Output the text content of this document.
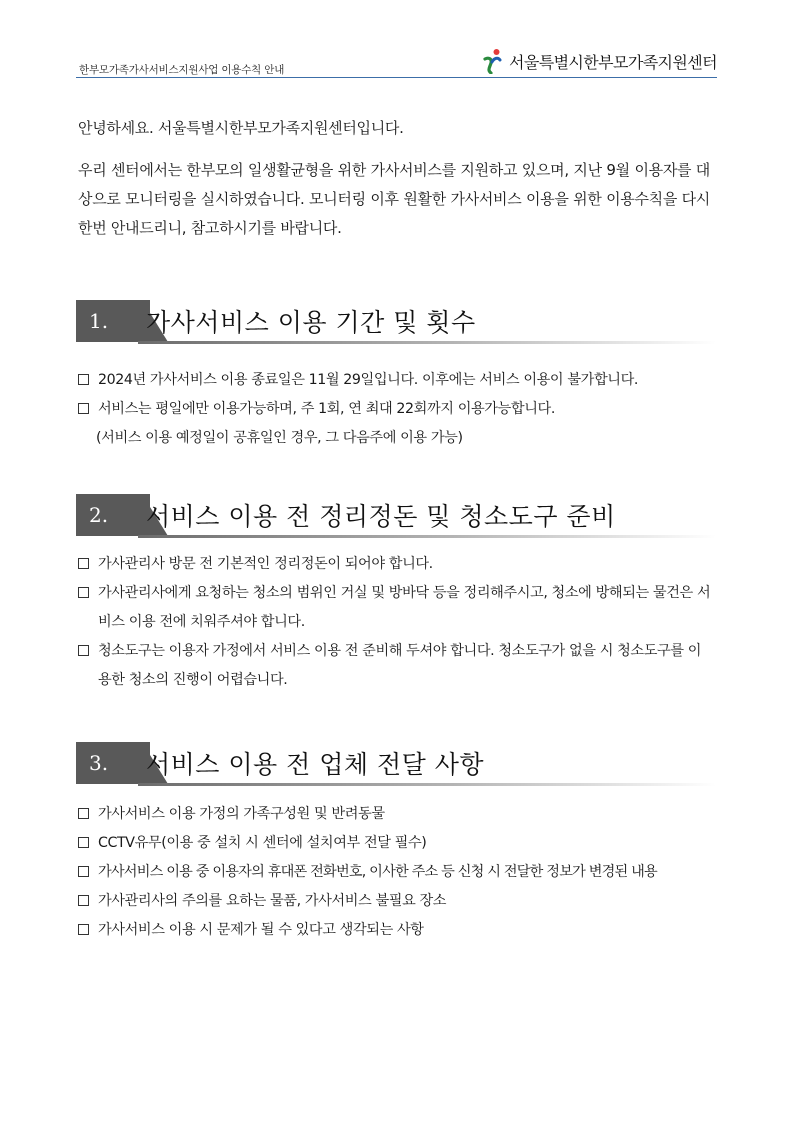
한부모가족가사서비스지원사업 이용수칙 안내	서울특별시한부모가족지원센터
안녕하세요. 서울특별시한부모가족지원센터입니다.

우리 센터에서는 한부모의 일생활균형을 위한 가사서비스를 지원하고 있으며, 지난 9월 이용자를 대상으로 모니터링을 실시하였습니다. 모니터링 이후 원활한 가사서비스 이용을 위한 이용수칙을 다시 한번 안내드리니, 참고하시기를 바랍니다.

1.	가사서비스 이용 기간 및 횟수
2024년 가사서비스 이용 종료일은 11월 29일입니다. 이후에는 서비스 이용이 불가합니다.
서비스는 평일에만 이용가능하며, 주 1회, 연 최대 22회까지 이용가능합니다.
(서비스 이용 예정일이 공휴일인 경우, 그 다음주에 이용 가능)
2.	서비스 이용 전 정리정돈 및 청소도구 준비
가사관리사 방문 전 기본적인 정리정돈이 되어야 합니다.
가사관리사에게 요청하는 청소의 범위인 거실 및 방바닥 등을 정리해주시고, 청소에 방해되는 물건은 서비스 이용 전에 치워주셔야 합니다.
청소도구는 이용자 가정에서 서비스 이용 전 준비해 두셔야 합니다. 청소도구가 없을 시 청소도구를 이용한 청소의 진행이 어렵습니다.
3.	서비스 이용 전 업체 전달 사항
가사서비스 이용 가정의 가족구성원 및 반려동물
CCTV유무(이용 중 설치 시 센터에 설치여부 전달 필수)
가사서비스 이용 중 이용자의 휴대폰 전화번호, 이사한 주소 등 신청 시 전달한 정보가 변경된 내용
가사관리사의 주의를 요하는 물품, 가사서비스 불필요 장소
가사서비스 이용 시 문제가 될 수 있다고 생각되는 사항
